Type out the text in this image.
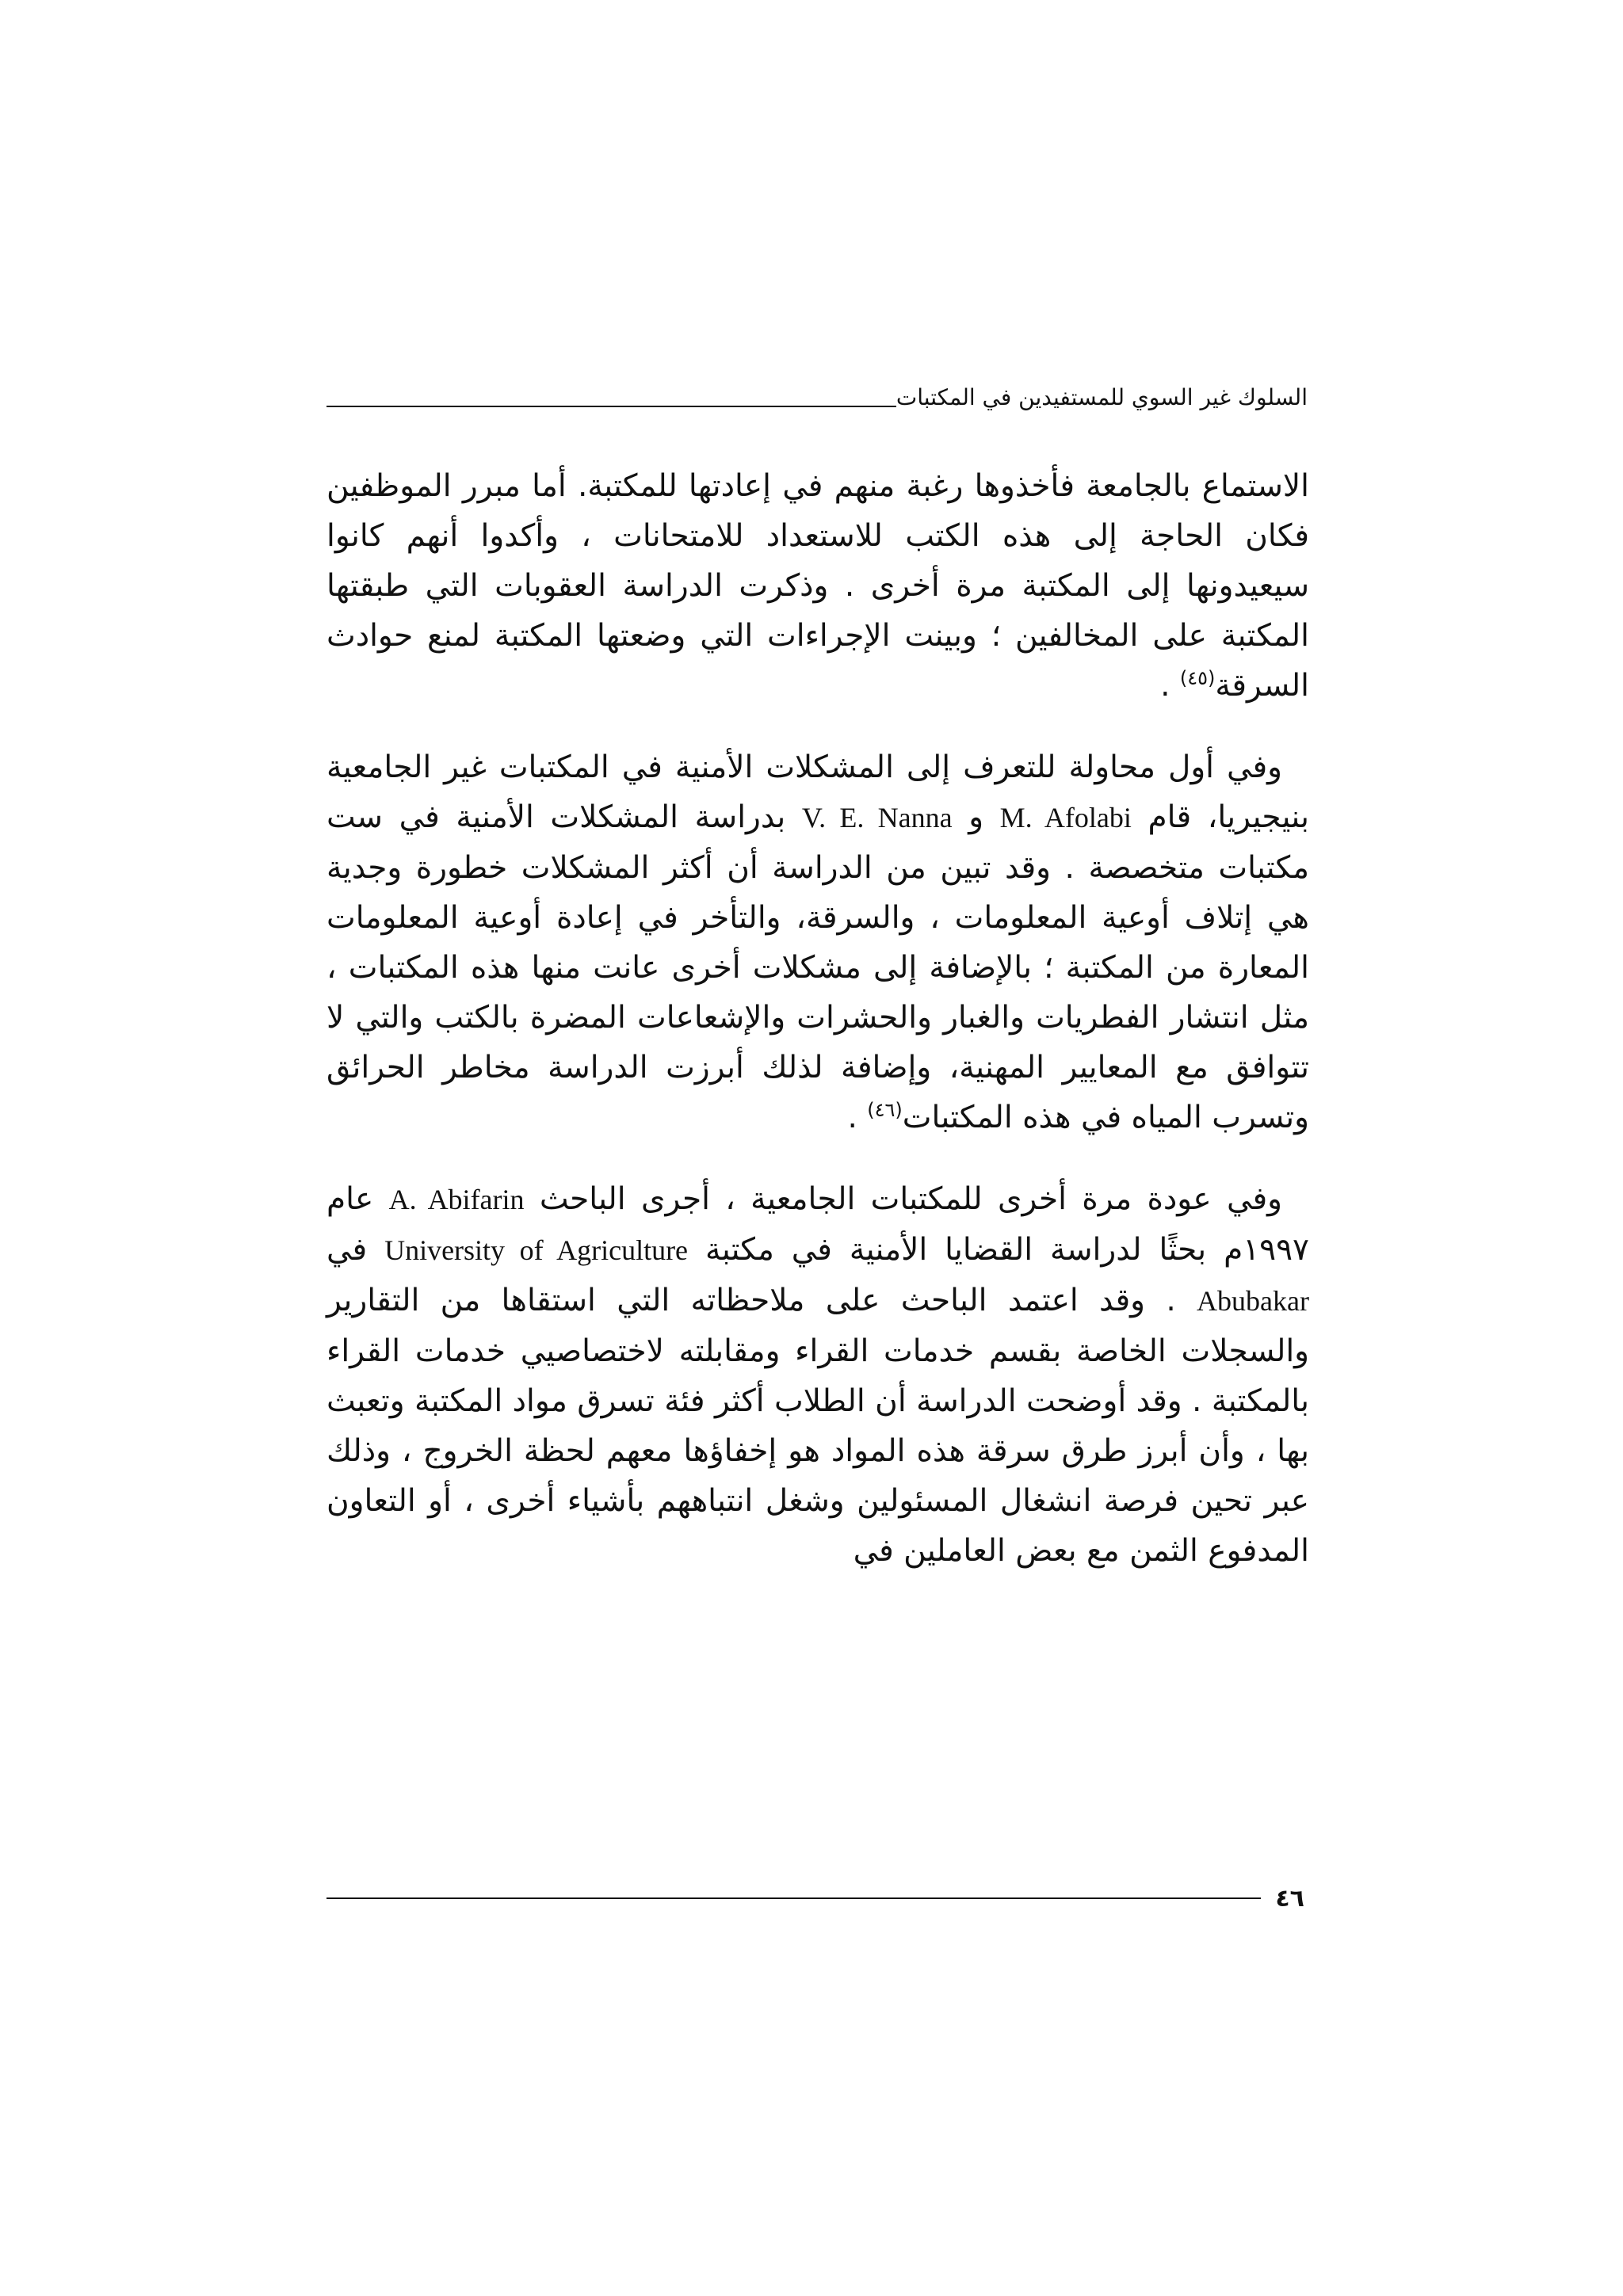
السلوك غير السوي للمستفيدين في المكتبات

الاستماع بالجامعة فأخذوها رغبة منهم في إعادتها للمكتبة. أما مبرر الموظفين فكان الحاجة إلى هذه الكتب للاستعداد للامتحانات ، وأكدوا أنهم كانوا سيعيدونها إلى المكتبة مرة أخرى . وذكرت الدراسة العقوبات التي طبقتها المكتبة على المخالفين ؛ وبينت الإجراءات التي وضعتها المكتبة لمنع حوادث السرقة$^{(٤٥)}$ .

وفي أول محاولة للتعرف إلى المشكلات الأمنية في المكتبات غير الجامعية بنيجيريا، قام M. Afolabi و V. E. Nanna بدراسة المشكلات الأمنية في ست مكتبات متخصصة . وقد تبين من الدراسة أن أكثر المشكلات خطورة وجدية هي إتلاف أوعية المعلومات ، والسرقة، والتأخر في إعادة أوعية المعلومات المعارة من المكتبة ؛ بالإضافة إلى مشكلات أخرى عانت منها هذه المكتبات ، مثل انتشار الفطريات والغبار والحشرات والإشعاعات المضرة بالكتب والتي لا تتوافق مع المعايير المهنية، وإضافة لذلك أبرزت الدراسة مخاطر الحرائق وتسرب المياه في هذه المكتبات$^{(٤٦)}$ .

وفي عودة مرة أخرى للمكتبات الجامعية ، أجرى الباحث A. Abifarin عام ١٩٩٧م بحثًا لدراسة القضايا الأمنية في مكتبة University of Agriculture في Abubakar . وقد اعتمد الباحث على ملاحظاته التي استقاها من التقارير والسجلات الخاصة بقسم خدمات القراء ومقابلته لاختصاصيي خدمات القراء بالمكتبة . وقد أوضحت الدراسة أن الطلاب أكثر فئة تسرق مواد المكتبة وتعبث بها ، وأن أبرز طرق سرقة هذه المواد هو إخفاؤها معهم لحظة الخروج ، وذلك عبر تحين فرصة انشغال المسئولين وشغل انتباههم بأشياء أخرى ، أو التعاون المدفوع الثمن مع بعض العاملين في

٤٦
